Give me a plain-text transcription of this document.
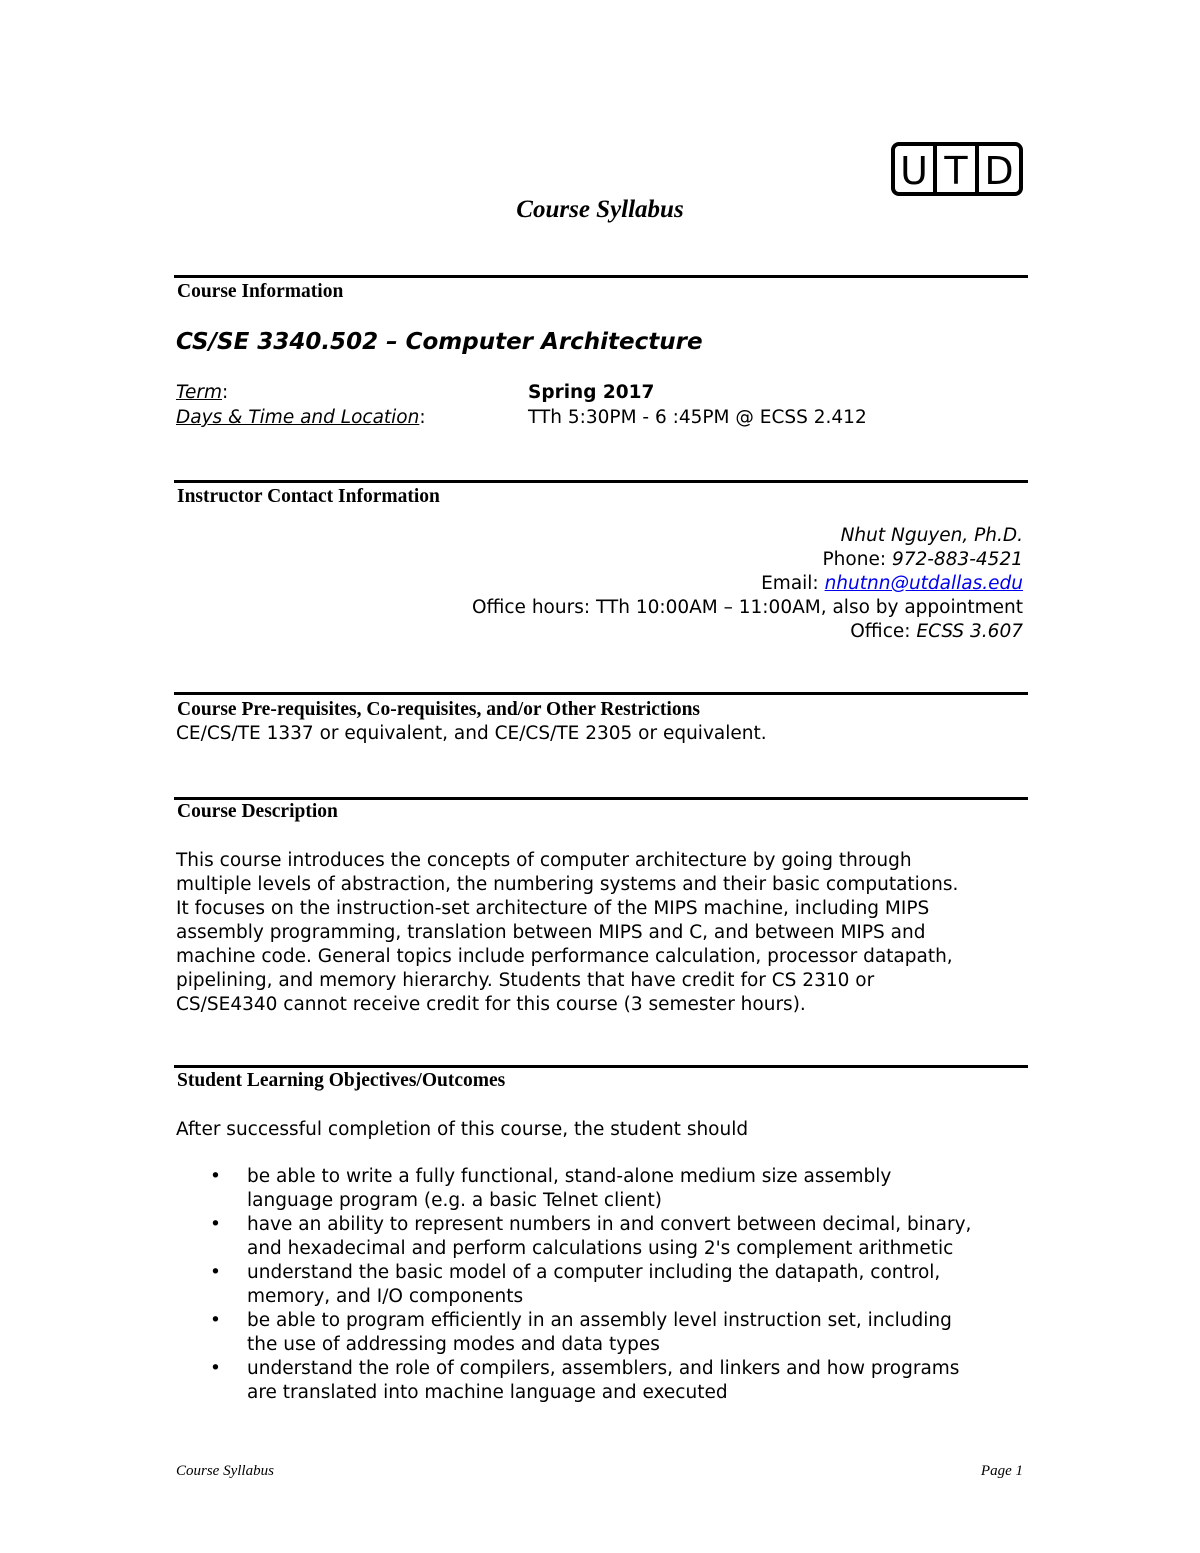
U T D
Course Syllabus
Course Information
CS/SE 3340.502 – Computer Architecture
Term:	Spring 2017
Days & Time and Location:	TTh 5:30PM - 6 :45PM @ ECSS 2.412
Instructor Contact Information
Nhut Nguyen, Ph.D.
Phone: 972-883-4521
Email: nhutnn@utdallas.edu
Office hours: TTh 10:00AM – 11:00AM, also by appointment
Office: ECSS 3.607
Course Pre-requisites, Co-requisites, and/or Other Restrictions
CE/CS/TE 1337 or equivalent, and CE/CS/TE 2305 or equivalent.
Course Description
This course introduces the concepts of computer architecture by going through
multiple levels of abstraction, the numbering systems and their basic computations.
It focuses on the instruction-set architecture of the MIPS machine, including MIPS
assembly programming, translation between MIPS and C, and between MIPS and
machine code. General topics include performance calculation, processor datapath,
pipelining, and memory hierarchy. Students that have credit for CS 2310 or
CS/SE4340 cannot receive credit for this course (3 semester hours).
Student Learning Objectives/Outcomes
After successful completion of this course, the student should
• be able to write a fully functional, stand-alone medium size assembly
language program (e.g. a basic Telnet client)
• have an ability to represent numbers in and convert between decimal, binary,
and hexadecimal and perform calculations using 2's complement arithmetic
• understand the basic model of a computer including the datapath, control,
memory, and I/O components
• be able to program efficiently in an assembly level instruction set, including
the use of addressing modes and data types
• understand the role of compilers, assemblers, and linkers and how programs
are translated into machine language and executed
Course Syllabus	Page 1
